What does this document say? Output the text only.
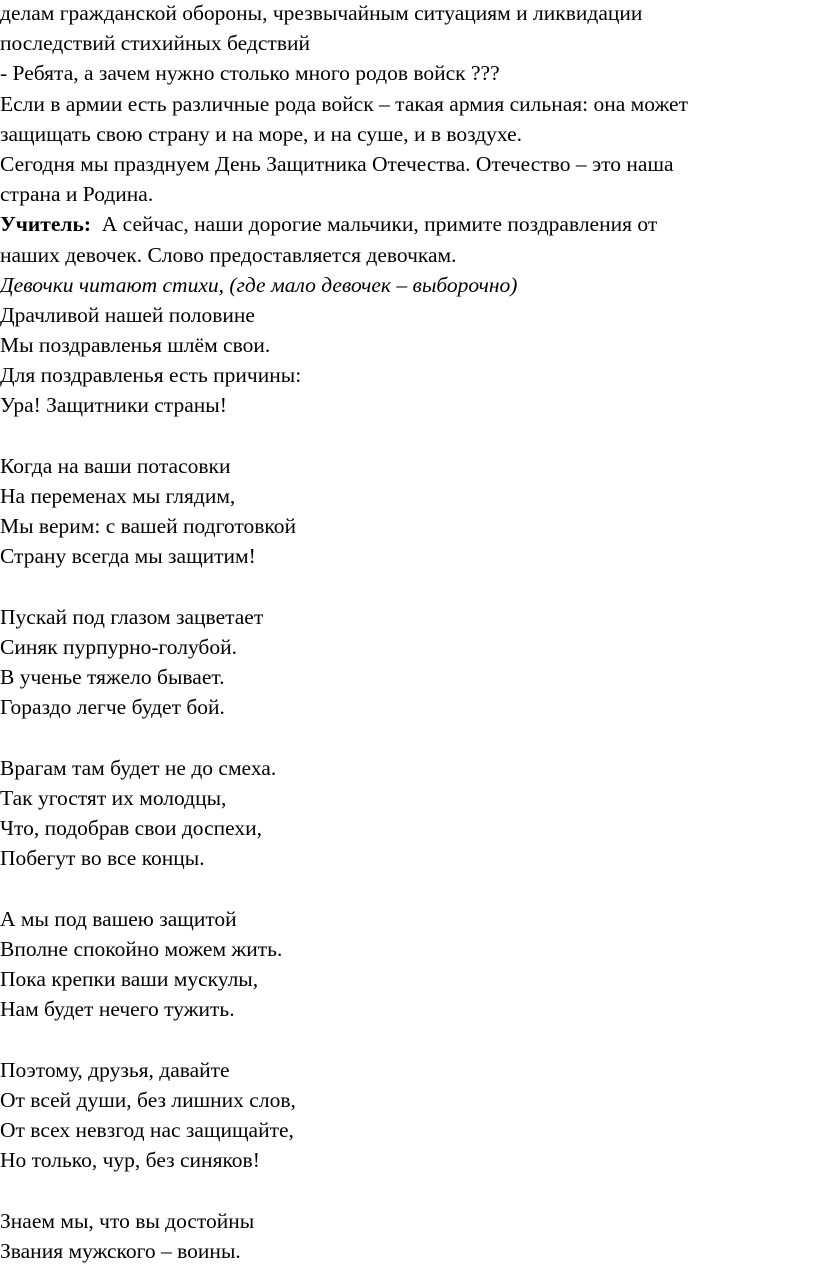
делам гражданской обороны, чрезвычайным ситуациям и ликвидации
последствий стихийных бедствий
- Ребята, а зачем нужно столько много родов войск ???
Если в армии есть различные рода войск – такая армия сильная: она может
защищать свою страну и на море, и на суше, и в воздухе.
Сегодня мы празднуем День Защитника Отечества. Отечество – это наша
страна и Родина.
Учитель:  А сейчас, наши дорогие мальчики, примите поздравления от
наших девочек. Слово предоставляется девочкам.
Девочки читают стихи, (где мало девочек – выборочно)
Драчливой нашей половине
Мы поздравленья шлём свои.
Для поздравленья есть причины:
Ура! Защитники страны!
Когда на ваши потасовки
На переменах мы глядим,
Мы верим: с вашей подготовкой
Страну всегда мы защитим!
Пускай под глазом зацветает
Синяк пурпурно-голубой.
В ученье тяжело бывает.
Гораздо легче будет бой.
Врагам там будет не до смеха.
Так угостят их молодцы,
Что, подобрав свои доспехи,
Побегут во все концы.
А мы под вашею защитой
Вполне спокойно можем жить.
Пока крепки ваши мускулы,
Нам будет нечего тужить.
Поэтому, друзья, давайте
От всей души, без лишних слов,
От всех невзгод нас защищайте,
Но только, чур, без синяков!
Знаем мы, что вы достойны
Звания мужского – воины.
